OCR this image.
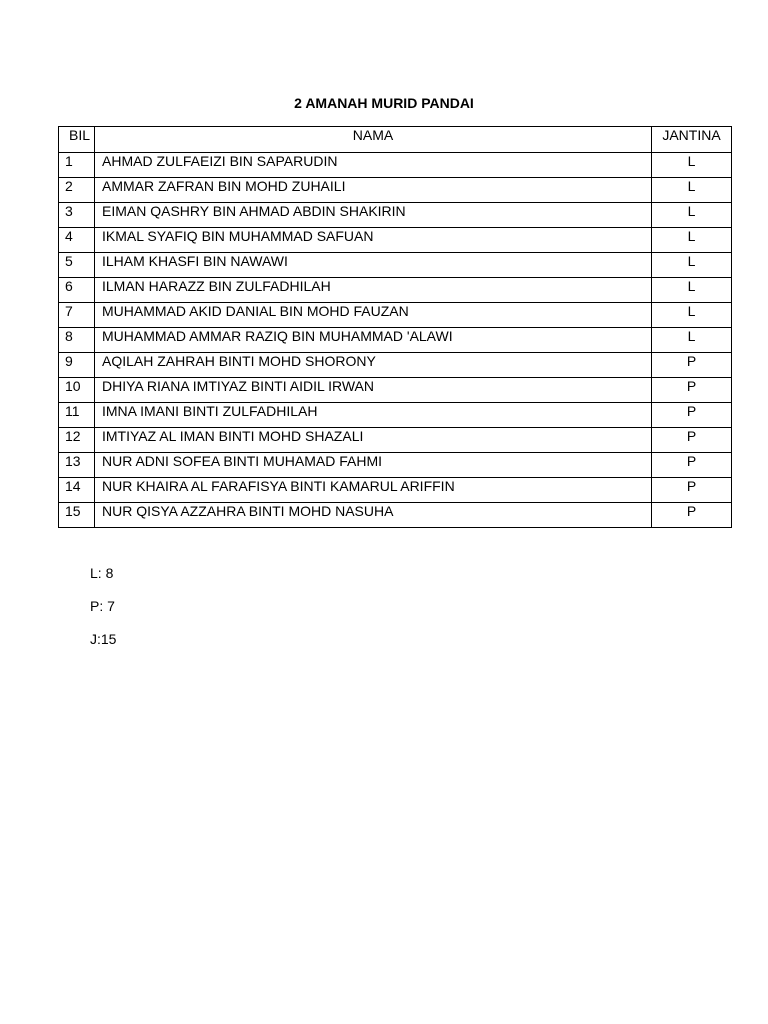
2 AMANAH MURID PANDAI
BIL	NAMA	JANTINA
1	AHMAD ZULFAEIZI BIN SAPARUDIN	L
2	AMMAR ZAFRAN BIN MOHD ZUHAILI	L
3	EIMAN QASHRY BIN AHMAD ABDIN SHAKIRIN	L
4	IKMAL SYAFIQ BIN MUHAMMAD SAFUAN	L
5	ILHAM KHASFI BIN NAWAWI	L
6	ILMAN HARAZZ BIN ZULFADHILAH	L
7	MUHAMMAD AKID DANIAL BIN MOHD FAUZAN	L
8	MUHAMMAD AMMAR RAZIQ BIN MUHAMMAD 'ALAWI	L
9	AQILAH ZAHRAH BINTI MOHD SHORONY	P
10	DHIYA RIANA IMTIYAZ BINTI AIDIL IRWAN	P
11	IMNA IMANI BINTI ZULFADHILAH	P
12	IMTIYAZ AL IMAN BINTI MOHD SHAZALI	P
13	NUR ADNI SOFEA BINTI MUHAMAD FAHMI	P
14	NUR KHAIRA AL FARAFISYA BINTI KAMARUL ARIFFIN	P
15	NUR QISYA AZZAHRA BINTI MOHD NASUHA	P
L: 8
P: 7
J:15
